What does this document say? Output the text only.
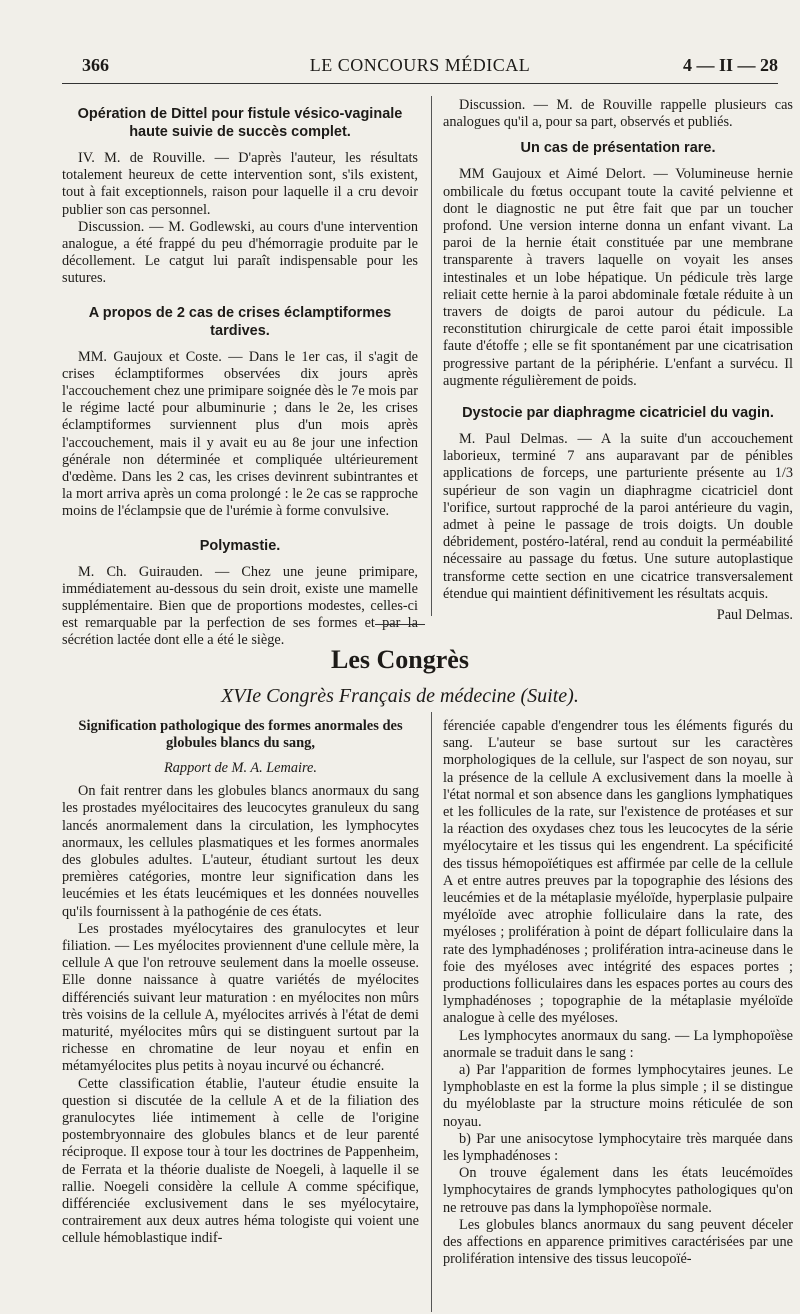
366	LE CONCOURS MÉDICAL	4 — II — 28
Opération de Dittel pour fistule vésico-vaginale haute suivie de succès complet.

IV. M. de Rouville. — D'après l'auteur, les résultats totalement heureux de cette intervention sont, s'ils existent, tout à fait exceptionnels, raison pour laquelle il a cru devoir publier son cas personnel.

Discussion. — M. Godlewski, au cours d'une intervention analogue, a été frappé du peu d'hémorragie produite par le décollement. Le catgut lui paraît indispensable pour les sutures.

A propos de 2 cas de crises éclamptiformes tardives.

MM. Gaujoux et Coste. — Dans le 1er cas, il s'agit de crises éclamptiformes observées dix jours après l'accouchement chez une primipare soignée dès le 7e mois par le régime lacté pour albuminurie ; dans le 2e, les crises éclamptiformes surviennent plus d'un mois après l'accouchement, mais il y avait eu au 8e jour une infection générale non déterminée et compliquée ultérieurement d'œdème. Dans les 2 cas, les crises devinrent subintrantes et la mort arriva après un coma prolongé : le 2e cas se rapproche moins de l'éclampsie que de l'urémie à forme convulsive.

Polymastie.

M. Ch. Guirauden. — Chez une jeune primipare, immédiatement au-dessous du sein droit, existe une mamelle supplémentaire. Bien que de proportions modestes, celles-ci est remarquable par la perfection de ses formes et par la sécrétion lactée dont elle a été le siège.

Discussion. — M. de Rouville rappelle plusieurs cas analogues qu'il a, pour sa part, observés et publiés.

Un cas de présentation rare.

MM Gaujoux et Aimé Delort. — Volumineuse hernie ombilicale du fœtus occupant toute la cavité pelvienne et dont le diagnostic ne put être fait que par un toucher profond. Une version interne donna un enfant vivant. La paroi de la hernie était constituée par une membrane transparente à travers laquelle on voyait les anses intestinales et un lobe hépatique. Un pédicule très large reliait cette hernie à la paroi abdominale fœtale réduite à un travers de doigts de paroi autour du pédicule. La reconstitution chirurgicale de cette paroi était impossible faute d'étoffe ; elle se fit spontanément par une cicatrisation progressive partant de la périphérie. L'enfant a survécu. Il augmente régulièrement de poids.

Dystocie par diaphragme cicatriciel du vagin.

M. Paul Delmas. — A la suite d'un accouchement laborieux, terminé 7 ans auparavant par de pénibles applications de forceps, une parturiente présente au 1/3 supérieur de son vagin un diaphragme cicatriciel dont l'orifice, surtout rapproché de la paroi antérieure du vagin, admet à peine le passage de trois doigts. Un double débridement, postéro-latéral, rend au conduit la perméabilité nécessaire au passage du fœtus. Une suture autoplastique transforme cette section en une cicatrice transversalement étendue qui maintient définitivement les résultats acquis.

Paul Delmas.
Les Congrès
XVIe Congrès Français de médecine (Suite).
Signification pathologique des formes anormales des globules blancs du sang,

Rapport de M. A. Lemaire.

On fait rentrer dans les globules blancs anormaux du sang les prostades myélocitaires des leucocytes granuleux du sang lancés anormalement dans la circulation, les lymphocytes anormaux, les cellules plasmatiques et les formes anormales des globules adultes. L'auteur, étudiant surtout les deux premières catégories, montre leur signification dans les leucémies et les états leucémiques et les données nouvelles qu'ils fournissent à la pathogénie de ces états.

Les prostades myélocytaires des granulocytes et leur filiation. — Les myélocites proviennent d'une cellule mère, la cellule A que l'on retrouve seulement dans la moelle osseuse. Elle donne naissance à quatre variétés de myélocites différenciés suivant leur maturation : en myélocites non mûrs très voisins de la cellule A, myélocites arrivés à l'état de demi maturité, myélocites mûrs qui se distinguent surtout par la richesse en chromatine de leur noyau et enfin en métamyélocites plus petits à noyau incurvé ou échancré.

Cette classification établie, l'auteur étudie ensuite la question si discutée de la cellule A et de la filiation des granulocytes liée intimement à celle de l'origine postembryonnaire des globules blancs et de leur parenté réciproque. Il expose tour à tour les doctrines de Pappenheim, de Ferrata et la théorie dualiste de Noegeli, à laquelle il se rallie. Noegeli considère la cellule A comme spécifique, différenciée exclusivement dans le ses myélocytaire, contrairement aux deux autres héma tologiste qui voient une cellule hémoblastique indif-

férenciée capable d'engendrer tous les éléments figurés du sang. L'auteur se base surtout sur les caractères morphologiques de la cellule, sur l'aspect de son noyau, sur la présence de la cellule A exclusivement dans la moelle à l'état normal et son absence dans les ganglions lymphatiques et les follicules de la rate, sur l'existence de protéases et sur la réaction des oxydases chez tous les leucocytes de la série myélocytaire et les tissus qui les engendrent. La spécificité des tissus hémopoïétiques est affirmée par celle de la cellule A et entre autres preuves par la topographie des lésions des leucémies et de la métaplasie myéloïde, hyperplasie pulpaire myéloïde avec atrophie folliculaire dans la rate, des myéloses ; prolifération à point de départ folliculaire dans la rate des lymphadénoses ; prolifération intra-acineuse dans le foie des myéloses avec intégrité des espaces portes ; productions folliculaires dans les espaces portes au cours des lymphadénoses ; topographie de la métaplasie myéloïde analogue à celle des myéloses.

Les lymphocytes anormaux du sang. — La lymphopoïèse anormale se traduit dans le sang :

a) Par l'apparition de formes lymphocytaires jeunes. Le lymphoblaste en est la forme la plus simple ; il se distingue du myéloblaste par la structure moins réticulée de son noyau.

b) Par une anisocytose lymphocytaire très marquée dans les lymphadénoses :

On trouve également dans les états leucémoïdes lymphocytaires de grands lymphocytes pathologiques qu'on ne retrouve pas dans la lymphopoïèse normale.

Les globules blancs anormaux du sang peuvent déceler des affections en apparence primitives caractérisées par une prolifération intensive des tissus leucopoïé-
